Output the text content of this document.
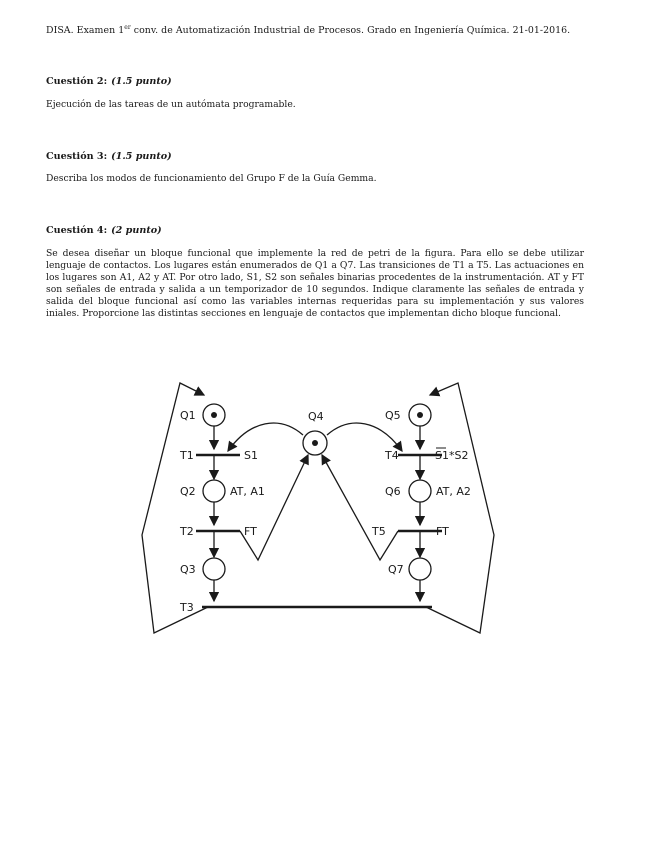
DISA. Examen 1er conv. de Automatización Industrial de Procesos. Grado en Ingeniería Química. 21-01-2016.
Cuestión 2: (1.5 punto)
Ejecución de las tareas de un autómata programable.
Cuestión 3: (1.5 punto)
Describa los modos de funcionamiento del Grupo F de la Guía Gemma.
Cuestión 4: (2 punto)
Se desea diseñar un bloque funcional que implemente la red de petri de la figura. Para ello se debe utilizar lenguaje de contactos. Los lugares están enumerados de Q1 a Q7. Las transiciones de T1 a T5. Las actuaciones en los lugares son A1, A2 y AT. Por otro lado, S1, S2 son señales binarias procedentes de la instrumentación. AT y FT son señales de entrada y salida a un temporizador de 10 segundos. Indique claramente las señales de entrada y salida del bloque funcional así como las variables internas requeridas para su implementación y sus valores iniales. Proporcione las distintas secciones en lenguaje de contactos que implementan dicho bloque funcional.
Q1
T1	S1
Q2	AT, A1
T2	FT
Q3
T3
Q4	Q5
T4	S1 *S2
Q6	AT, A2
T5	FT
Q7
